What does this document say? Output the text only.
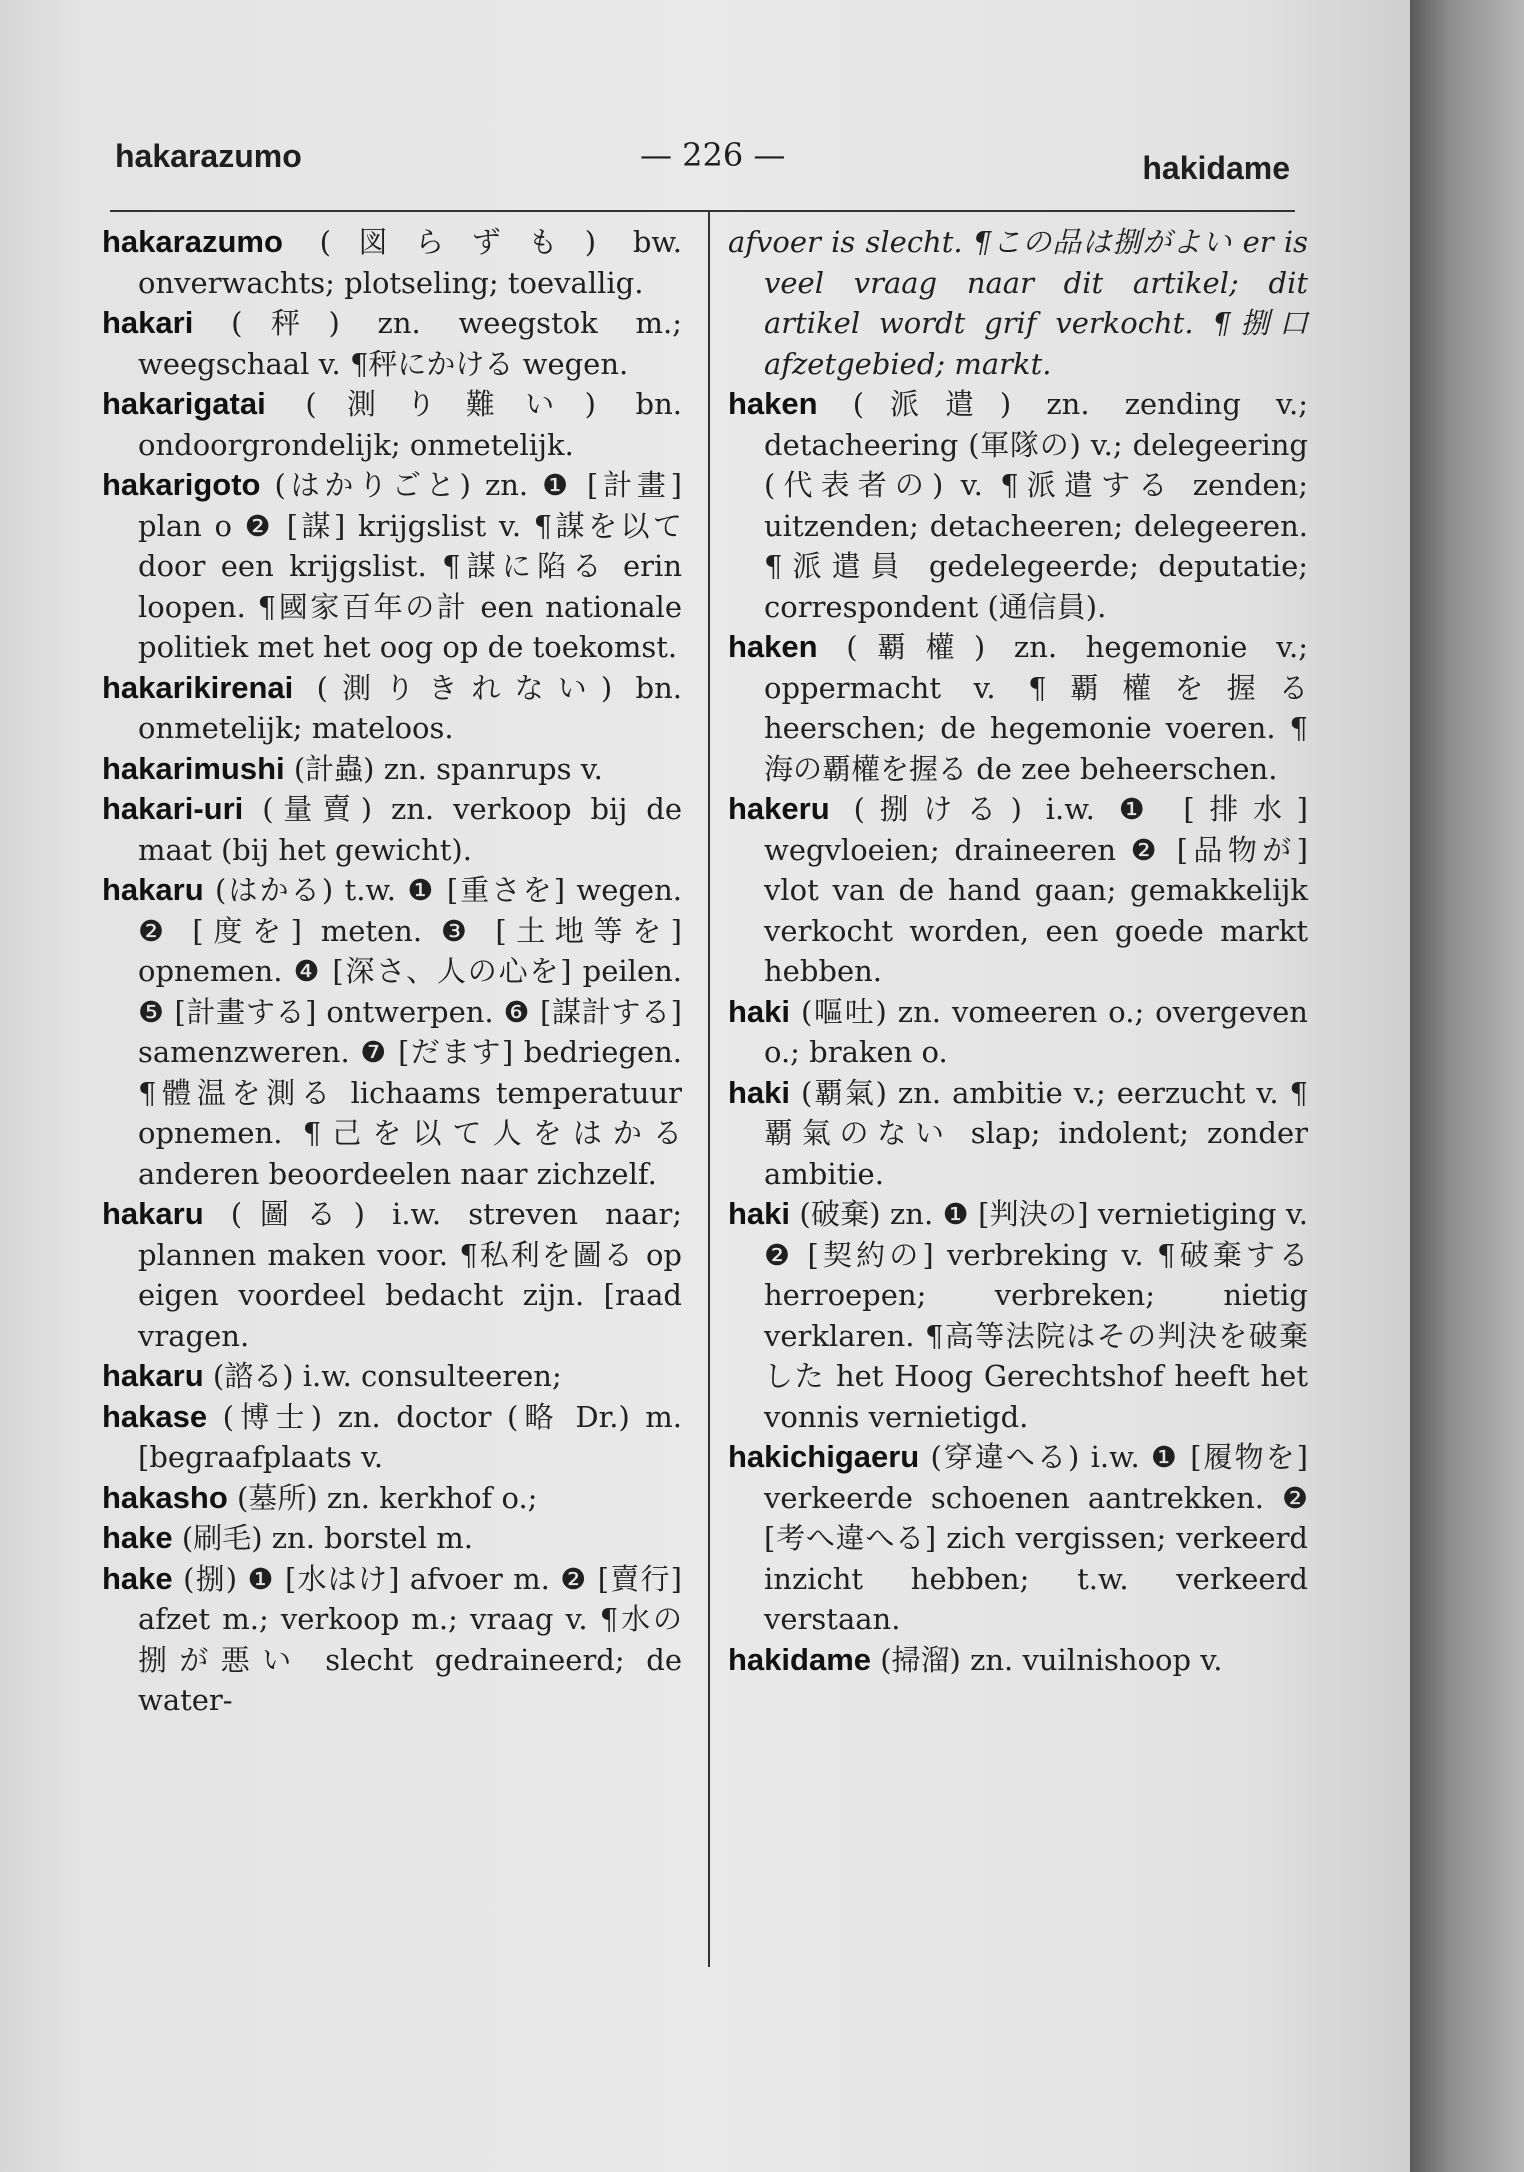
hakarazumo	— 226 —	hakidame

hakarazumo (図らずも) bw. onverwachts; plotseling; toevallig.

hakari (秤) zn. weegstok m.; weegschaal v. ¶秤にかける wegen.

hakarigatai (測り難い) bn. ondoorgrondelijk; onmetelijk.

hakarigoto (はかりごと) zn. ❶ [計畫] plan o ❷ [謀] krijgslist v. ¶謀を以て door een krijgslist. ¶謀に陷る erin loopen. ¶國家百年の計 een nationale politiek met het oog op de toekomst.

hakarikirenai (測りきれない) bn. onmetelijk; mateloos.

hakarimushi (計蟲) zn. spanrups v.

hakari-uri (量賣) zn. verkoop bij de maat (bij het gewicht).

hakaru (はかる) t.w. ❶ [重さを] wegen. ❷ [度を] meten. ❸ [土地等を] opnemen. ❹ [深さ、人の心を] peilen. ❺ [計畫する] ontwerpen. ❻ [謀計する] samenzweren. ❼ [だます] bedriegen. ¶體温を測る lichaams temperatuur opnemen. ¶己を以て人をはかる anderen beoordeelen naar zichzelf.

hakaru (圖る) i.w. streven naar; plannen maken voor. ¶私利を圖る op eigen voordeel bedacht zijn. [raad vragen.

hakaru (諮る) i.w. consulteeren;

hakase (博士) zn. doctor (略 Dr.) m. [begraafplaats v.

hakasho (墓所) zn. kerkhof o.;

hake (刷毛) zn. borstel m.

hake (捌) ❶ [水はけ] afvoer m. ❷ [賣行] afzet m.; verkoop m.; vraag v. ¶水の捌が悪い slecht gedraineerd; de water-

afvoer is slecht. ¶この品は捌がよい er is veel vraag naar dit artikel; dit artikel wordt grif verkocht. ¶捌口 afzetgebied; markt.

haken (派遣) zn. zending v.; detacheering (軍隊の) v.; delegeering (代表者の) v. ¶派遣する zenden; uitzenden; detacheeren; delegeeren. ¶派遣員 gedelegeerde; deputatie; correspondent (通信員).

haken (覇權) zn. hegemonie v.; oppermacht v. ¶覇權を握る heerschen; de hegemonie voeren. ¶海の覇權を握る de zee beheerschen.

hakeru (捌ける) i.w. ❶ [排水] wegvloeien; draineeren ❷ [品物が] vlot van de hand gaan; gemakkelijk verkocht worden, een goede markt hebben.

haki (嘔吐) zn. vomeeren o.; overgeven o.; braken o.

haki (覇氣) zn. ambitie v.; eerzucht v. ¶覇氣のない slap; indolent; zonder ambitie.

haki (破棄) zn. ❶ [判決の] vernietiging v. ❷ [契約の] verbreking v. ¶破棄する herroepen; verbreken; nietig verklaren. ¶高等法院はその判決を破棄した het Hoog Gerechtshof heeft het vonnis vernietigd.

hakichigaeru (穿違へる) i.w. ❶ [履物を] verkeerde schoenen aantrekken. ❷ [考へ違へる] zich vergissen; verkeerd inzicht hebben; t.w. verkeerd verstaan.

hakidame (掃溜) zn. vuilnishoop v.
